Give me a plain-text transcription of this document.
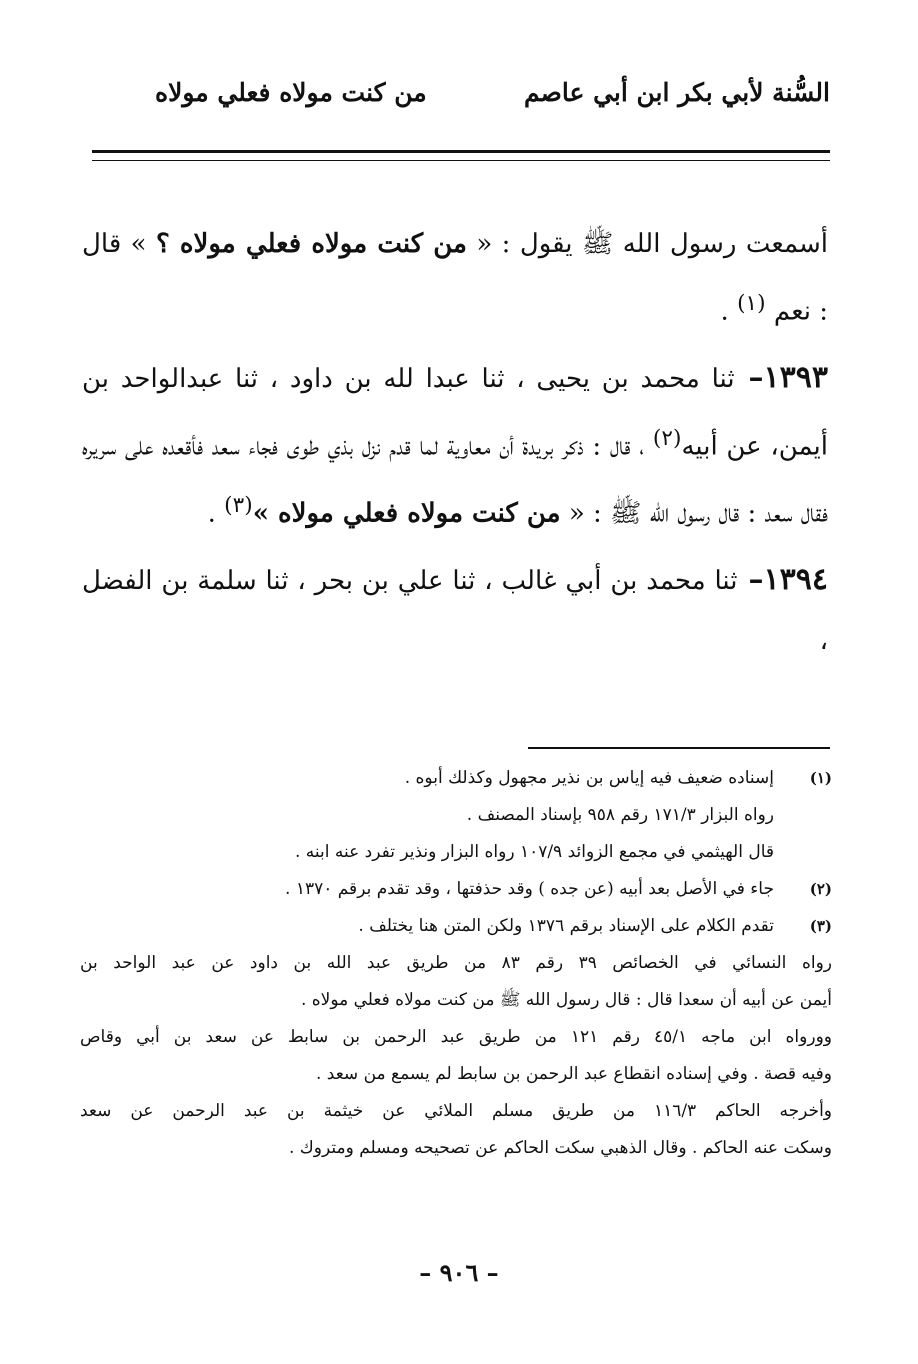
السُّنة لأبي بكر ابن أبي عاصم
من كنت مولاه فعلي مولاه

أسمعت رسول الله ﷺ يقول : « من كنت مولاه فعلي مولاه ؟ » قال : نعم $^{(١)}$ .

١٣٩٣– ثنا محمد بن يحيى ، ثنا عبدا لله بن داود ، ثنا عبدالواحد بن أيمن، عن أبيه$^{(٢)}$ ، قال : ذكر بريدة أن معاوية لما قدم نزل بذي طوى فجاء سعد فأقعده على سريره فقال سعد : قال رسول الله ﷺ : « من كنت مولاه فعلي مولاه »$^{(٣)}$ .

١٣٩٤– ثنا محمد بن أبي غالب ، ثنا علي بن بحر ، ثنا سلمة بن الفضل ،

(١)إسناده ضعيف فيه إياس بن نذير مجهول وكذلك أبوه .
رواه البزار ١٧١/٣ رقم ٩٥٨ بإسناد المصنف .
قال الهيثمي في مجمع الزوائد ١٠٧/٩ رواه البزار ونذير تفرد عنه ابنه .
(٢)جاء في الأصل بعد أبيه (عن جده ) وقد حذفتها ، وقد تقدم برقم ١٣٧٠ .
(٣)تقدم الكلام على الإسناد برقم ١٣٧٦ ولكن المتن هنا يختلف .
رواه النسائي في الخصائص ٣٩ رقم ٨٣ من طريق عبد الله بن داود عن عبد الواحد بن
أيمن عن أبيه أن سعدا قال : قال رسول الله ﷺ من كنت مولاه فعلي مولاه .
وورواه ابن ماجه ٤٥/١ رقم ١٢١ من طريق عبد الرحمن بن سابط عن سعد بن أبي وقاص
وفيه قصة . وفي إسناده انقطاع عبد الرحمن بن سابط لم يسمع من سعد .
وأخرجه الحاكم ١١٦/٣ من طريق مسلم الملائي عن خيثمة بن عبد الرحمن عن سعد
وسكت عنه الحاكم . وقال الذهبي سكت الحاكم عن تصحيحه ومسلم ومتروك .
– ٩٠٦ –
